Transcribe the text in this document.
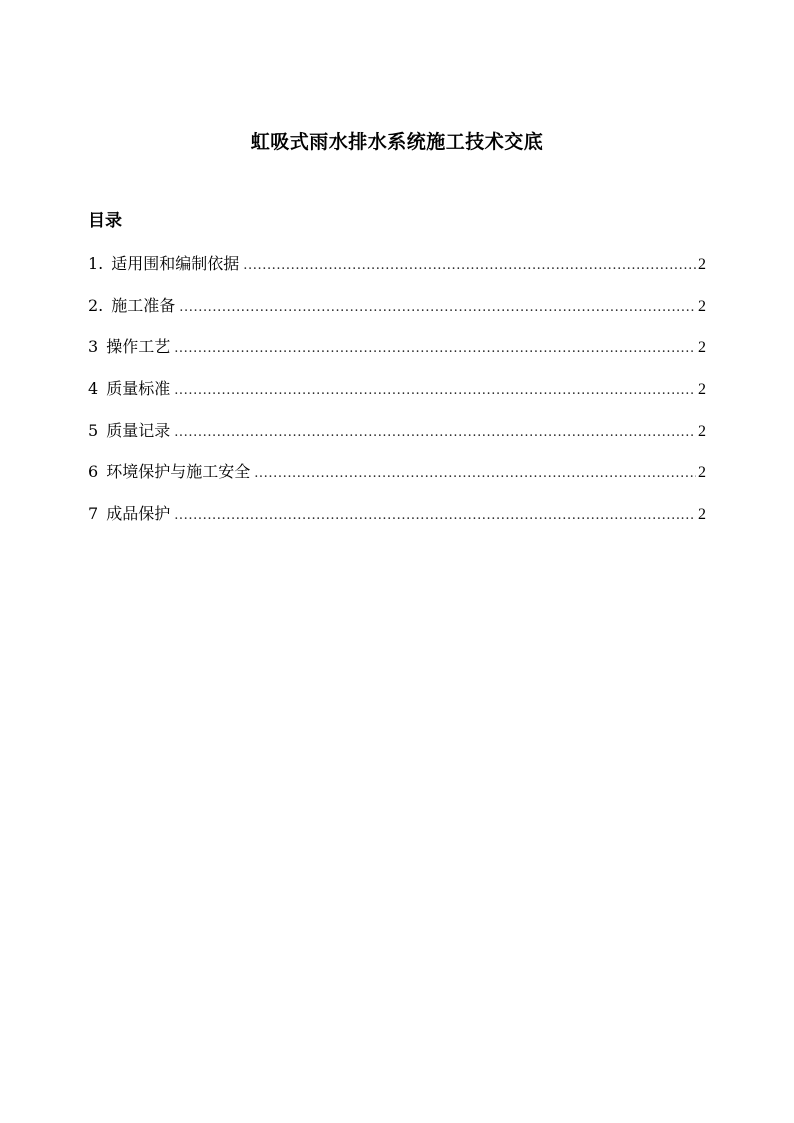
虹吸式雨水排水系统施工技术交底
目录
1. 适用围和编制依据 .....	2
2. 施工准备 .....	2
3 操作工艺 .....	2
4 质量标准 .....	2
5 质量记录 .....	2
6 环境保护与施工安全 .....	2
7 成品保护 .....	2
